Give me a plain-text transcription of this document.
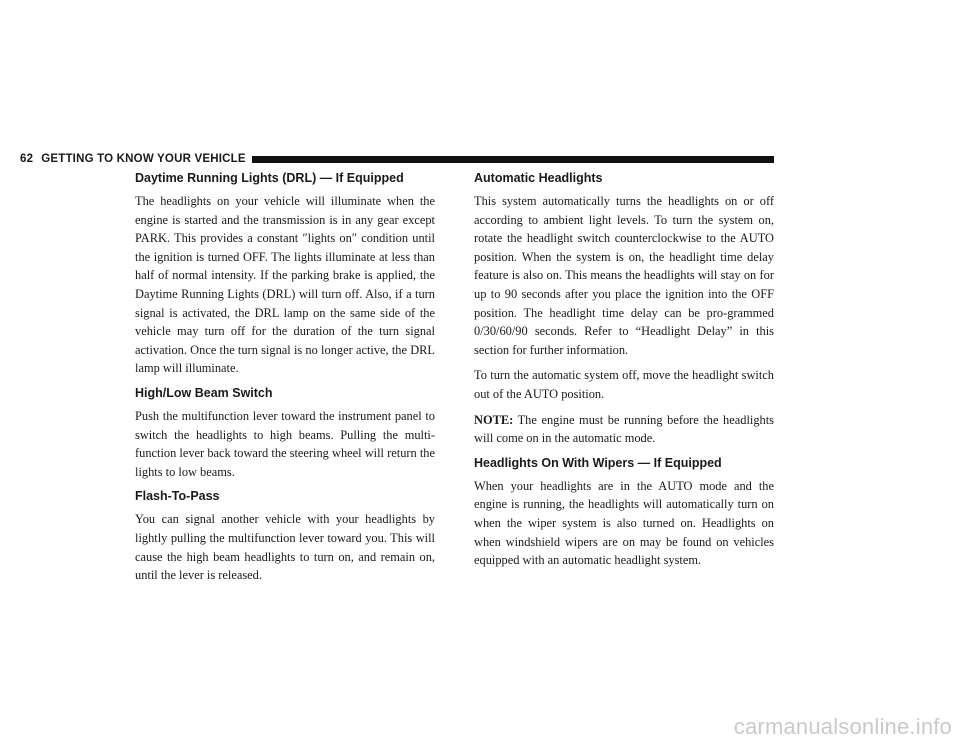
62 GETTING TO KNOW YOUR VEHICLE
Daytime Running Lights (DRL) — If Equipped

The headlights on your vehicle will illuminate when the engine is started and the transmission is in any gear except PARK. This provides a constant ″lights on″ condition until the ignition is turned OFF. The lights illuminate at less than half of normal intensity. If the parking brake is applied, the Daytime Running Lights (DRL) will turn off. Also, if a turn signal is activated, the DRL lamp on the same side of the vehicle may turn off for the duration of the turn signal activation. Once the turn signal is no longer active, the DRL lamp will illuminate.

High/Low Beam Switch

Push the multifunction lever toward the instrument panel to switch the headlights to high beams. Pulling the multi-function lever back toward the steering wheel will return the lights to low beams.

Flash-To-Pass

You can signal another vehicle with your headlights by lightly pulling the multifunction lever toward you. This will cause the high beam headlights to turn on, and remain on, until the lever is released.

Automatic Headlights

This system automatically turns the headlights on or off according to ambient light levels. To turn the system on, rotate the headlight switch counterclockwise to the AUTO position. When the system is on, the headlight time delay feature is also on. This means the headlights will stay on for up to 90 seconds after you place the ignition into the OFF position. The headlight time delay can be pro-grammed 0/30/60/90 seconds. Refer to “Headlight Delay” in this section for further information.

To turn the automatic system off, move the headlight switch out of the AUTO position.

NOTE: The engine must be running before the headlights will come on in the automatic mode.

Headlights On With Wipers — If Equipped

When your headlights are in the AUTO mode and the engine is running, the headlights will automatically turn on when the wiper system is also turned on. Headlights on when windshield wipers are on may be found on vehicles equipped with an automatic headlight system.

carmanualsonline.info
